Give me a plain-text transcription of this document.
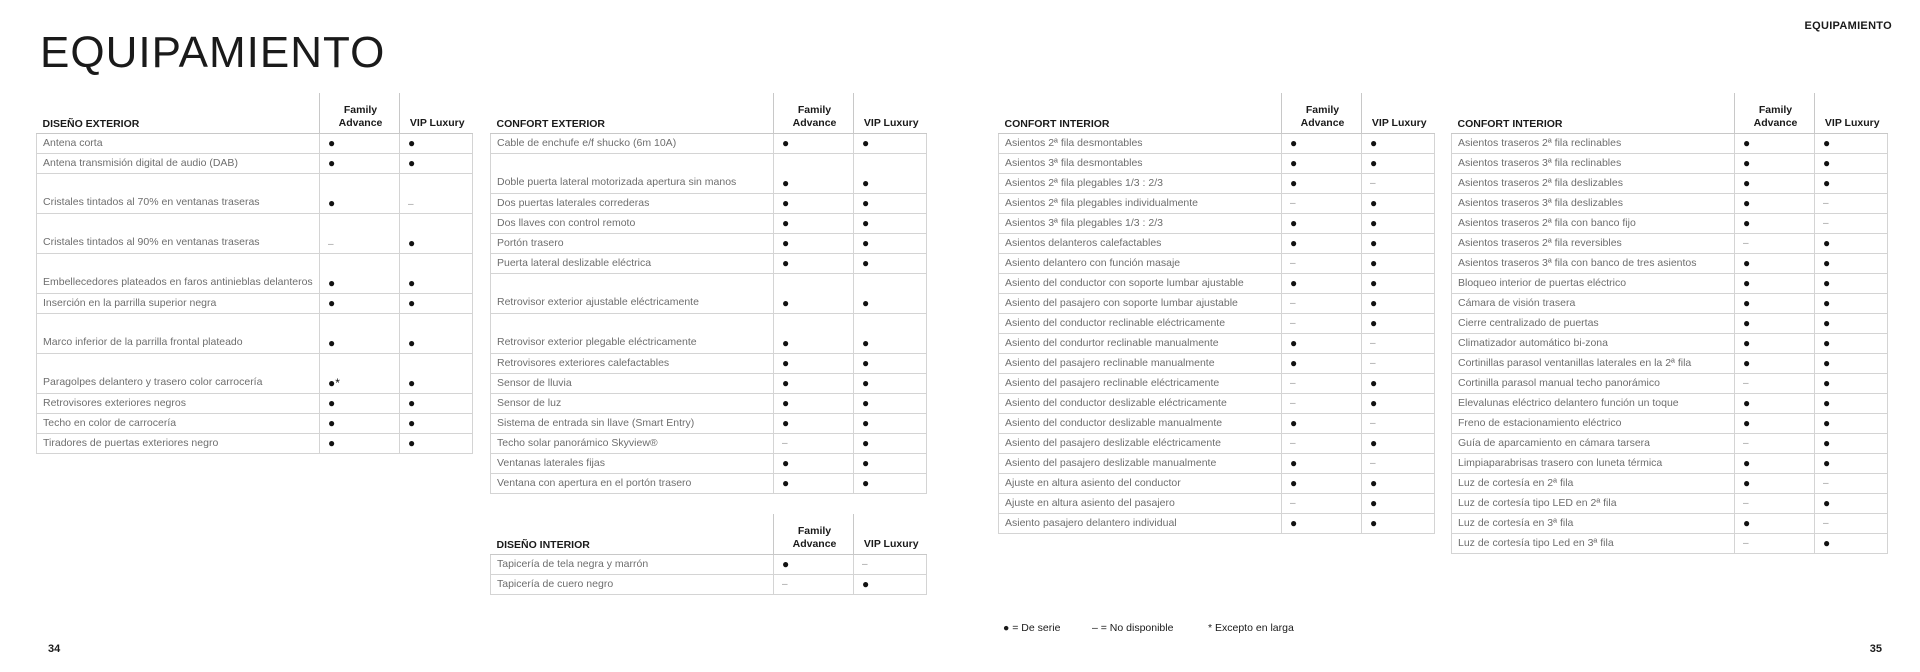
EQUIPAMIENTO
EQUIPAMIENTO
DISEÑO EXTERIOR	Family
Advance	VIP Luxury
Antena corta	●	●
Antena transmisión digital de audio (DAB)	●	●
Cristales tintados al 70% en ventanas traseras	●	–
Cristales tintados al 90% en ventanas traseras	–	●
Embellecedores plateados en faros antinieblas delanteros	●	●
Inserción en la parrilla superior negra	●	●
Marco inferior de la parrilla frontal plateado	●	●
Paragolpes delantero y trasero color carrocería	●*	●
Retrovisores exteriores negros	●	●
Techo en color de carrocería	●	●
Tiradores de puertas exteriores negro	●	●
CONFORT EXTERIOR	Family
Advance	VIP Luxury
Cable de enchufe e/f shucko (6m 10A)	●	●
Doble puerta lateral motorizada apertura sin manos	●	●
Dos puertas laterales correderas	●	●
Dos llaves con control remoto	●	●
Portón trasero	●	●
Puerta lateral deslizable eléctrica	●	●
Retrovisor exterior ajustable eléctricamente	●	●
Retrovisor exterior plegable eléctricamente	●	●
Retrovisores exteriores calefactables	●	●
Sensor de lluvia	●	●
Sensor de luz	●	●
Sistema de entrada sin llave (Smart Entry)	●	●
Techo solar panorámico Skyview®	–	●
Ventanas laterales fijas	●	●
Ventana con apertura en el portón trasero	●	●
DISEÑO INTERIOR	Family
Advance	VIP Luxury
Tapicería de tela negra y marrón	●	–
Tapicería de cuero negro	–	●
CONFORT INTERIOR	Family
Advance	VIP Luxury
Asientos 2ª fila desmontables	●	●
Asientos 3ª fila desmontables	●	●
Asientos 2ª fila plegables 1/3 : 2/3	●	–
Asientos 2ª fila plegables individualmente	–	●
Asientos 3ª fila plegables 1/3 : 2/3	●	●
Asientos delanteros calefactables	●	●
Asiento delantero con función masaje	–	●
Asiento del conductor con soporte lumbar ajustable	●	●
Asiento del pasajero con soporte lumbar ajustable	–	●
Asiento del conductor reclinable eléctricamente	–	●
Asiento del condurtor reclinable manualmente	●	–
Asiento del pasajero reclinable manualmente	●	–
Asiento del pasajero reclinable eléctricamente	–	●
Asiento del conductor deslizable eléctricamente	–	●
Asiento del conductor deslizable manualmente	●	–
Asiento del pasajero deslizable eléctricamente	–	●
Asiento del pasajero deslizable manualmente	●	–
Ajuste en altura asiento del conductor	●	●
Ajuste en altura asiento del pasajero	–	●
Asiento pasajero delantero individual	●	●
CONFORT INTERIOR	Family
Advance	VIP Luxury
Asientos traseros 2ª fila reclinables	●	●
Asientos traseros 3ª fila reclinables	●	●
Asientos traseros 2ª fila deslizables	●	●
Asientos traseros 3ª fila deslizables	●	–
Asientos traseros 2ª fila con banco fijo	●	–
Asientos traseros 2ª fila reversibles	–	●
Asientos traseros 3ª fila con banco de tres asientos	●	●
Bloqueo interior de puertas eléctrico	●	●
Cámara de visión trasera	●	●
Cierre centralizado de puertas	●	●
Climatizador automático bi-zona	●	●
Cortinillas parasol ventanillas laterales en la 2ª fila	●	●
Cortinilla parasol manual techo panorámico	–	●
Elevalunas eléctrico delantero función un toque	●	●
Freno de estacionamiento eléctrico	●	●
Guía de aparcamiento en cámara tarsera	–	●
Limpiaparabrisas trasero con luneta térmica	●	●
Luz de cortesía en 2ª fila	●	–
Luz de cortesía tipo LED en 2ª fila	–	●
Luz de cortesía en 3ª fila	●	–
Luz de cortesía tipo Led en 3ª fila	–	●
● = De serie	– = No disponible	* Excepto en larga
34	35
